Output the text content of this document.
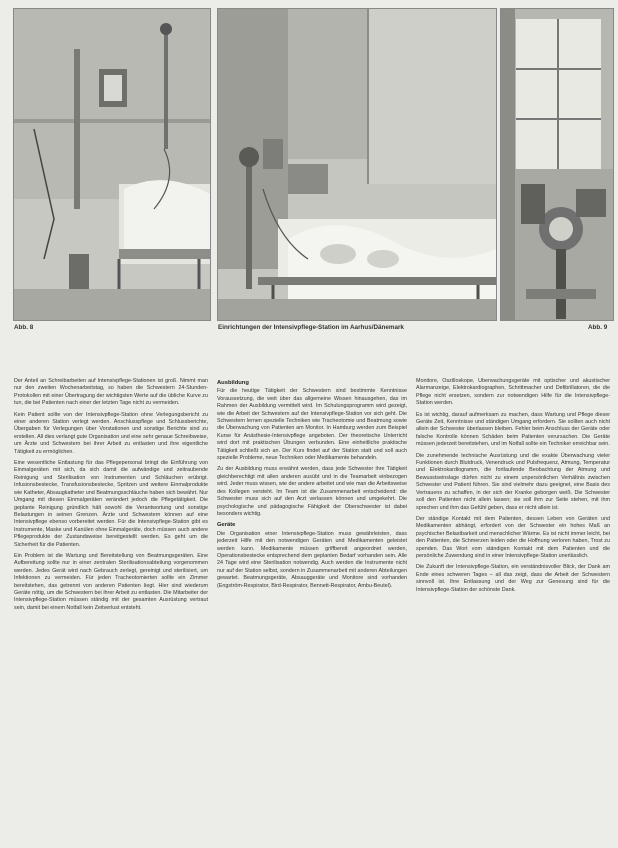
Abb. 8	Einrichtungen der Intensivpflege-Station im Aarhus/Dänemark	Abb. 9

Der Anteil an Schreibarbeiten auf Intensivpflege-Stationen ist groß. Nimmt man nur den zweiten Wochenarbeitstag, so haben die Schwestern 24-Stunden-Protokollen mit einer Übertragung der wichtigsten Werte auf die übliche Kurve zu tun, die bei Patienten nach einer der letzten Tage nicht zu vermeiden.

Kein Patient sollte von der Intensivpflege-Station ohne Verlegungsbericht zu einer anderen Station verlegt werden. Anschlusspflege und Schlussberichte, Übergaben für Verlegungen über Vorstationen und sonstige Berichte sind zu erstellen. All dies verlangt gute Organisation und eine sehr genaue Schreibweise, um Ärzte und Schwestern bei ihrer Arbeit zu entlasten und ihre eigentliche Tätigkeit zu ermöglichen.

Eine wesentliche Entlastung für das Pflegepersonal bringt die Einführung von Einmalgeräten mit sich, da sich damit die aufwändige und zeitraubende Reinigung und Sterilisation von Instrumenten und Schläuchen erübrigt. Infusionsbestecke, Transfusionsbestecke, Spritzen und weitere Einmalprodukte wie Katheter, Absaugkatheter und Beatmungsschläuche haben sich bewährt. Nur Umgang mit diesen Einmalgeräten verändert jedoch die Pflegetätigkeit. Die geplante Reinigung gründlich hält sowohl die Verantwortung und sonstige Belastungen in seinen Grenzen. Ärzte und Schwestern können auf eine Intensivpflege ebenso vorbereitet werden. Für die Intensivpflege-Station gibt es Instrumente, Maske und Kanülen ohne Einmalgeräte, doch müssen auch andere Pflegeprodukte der Zustandsweise bereitgestellt werden. Es geht um die Sicherheit für die Patienten.

Ein Problem ist die Wartung und Bereitstellung von Beatmungsgeräten. Eine Aufbereitung sollte nur in einer zentralen Sterilisationsabteilung vorgenommen werden. Jedes Gerät wird nach Gebrauch zerlegt, gereinigt und sterilisiert, um Infektionen zu vermeiden. Für jeden Tracheotomierten sollte ein Zimmer bereitstehen, das getrennt von anderen Patienten liegt. Hier sind wiederum Geräte nötig, um die Schwestern bei ihrer Arbeit zu entlasten. Die Mitarbeiter der Intensivpflege-Station müssen ständig mit der gesamten Ausrüstung vertraut sein, damit bei einem Notfall kein Zeitverlust entsteht.

Ausbildung

Für die heutige Tätigkeit der Schwestern sind bestimmte Kenntnisse Voraussetzung, die weit über das allgemeine Wissen hinausgehen, das im Rahmen der Ausbildung vermittelt wird. Im Schulungsprogramm wird gezeigt, wie die Arbeit der Schwestern auf der Intensivpflege-Station vor sich geht. Die Schwestern lernen spezielle Techniken wie Tracheotomie und Beatmung sowie die Überwachung von Patienten am Monitor. In Hamburg werden zum Beispiel Kurse für Anästhesie-Intensivpflege angeboten. Der theoretische Unterricht wird dort mit praktischen Übungen verbunden. Eine einheitliche praktische Tätigkeit schließt sich an. Der Kurs findet auf der Station statt und soll auch spezielle Probleme, neue Techniken oder Medikamente behandeln.

Zu der Ausbildung muss erwähnt werden, dass jede Schwester ihre Tätigkeit gleichberechtigt mit allen anderen ausübt und in die Teamarbeit einbezogen wird. Jeder muss wissen, wie der andere arbeitet und wie man die Arbeitsweise des Kollegen versteht. Im Team ist die Zusammenarbeit entscheidend: die Schwester muss sich auf den Arzt verlassen können und umgekehrt. Die psychologische und pädagogische Fähigkeit der Oberschwester ist dabei besonders wichtig.

Geräte

Die Organisation einer Intensivpflege-Station muss gewährleisten, dass jederzeit Hilfe mit den notwendigen Geräten und Medikamenten geleistet werden kann. Medikamente müssen griffbereit angeordnet werden, Operationsbestecke entsprechend dem geplanten Bedarf vorhanden sein. Alle 24 Tage wird eine Sterilisation notwendig. Auch werden die Instrumente nicht nur auf der Station selbst, sondern in Zusammenarbeit mit anderen Abteilungen gewartet. Beatmungsgeräte, Absauggeräte und Monitore sind vorhanden (Engström-Respirator, Bird-Respirator, Bennett-Respirator, Ambu-Beutel).

Monitore, Oszilloskope, Überwachungsgeräte mit optischer und akustischer Alarmanzeige, Elektrokardiographen, Schrittmacher und Defibrillatoren, die die Pflege nicht ersetzen, sondern zur notwendigen Hilfe für die Intensivpflege-Station werden.

Es ist wichtig, darauf aufmerksam zu machen, dass Wartung und Pflege dieser Geräte Zeit, Kenntnisse und ständigen Umgang erfordern. Sie sollten auch nicht allein der Schwester überlassen bleiben. Fehler beim Anschluss der Geräte oder falsche Kontrolle können Schäden beim Patienten verursachen. Die Geräte müssen jederzeit bereitstehen, und im Notfall sollte ein Techniker erreichbar sein.

Die zunehmende technische Ausrüstung und die exakte Überwachung vieler Funktionen durch Blutdruck, Venendruck und Pulsfrequenz, Atmung, Temperatur und Elektrokardiogramm, die fortlaufende Beobachtung der Atmung und Bewusstseinslage dürfen nicht zu einem unpersönlichen Verhältnis zwischen Schwester und Patient führen. Sie sind vielmehr dazu geeignet, eine Basis des Vertrauens zu schaffen, in der sich der Kranke geborgen weiß. Die Schwester soll den Patienten nicht allein lassen; sie soll ihm zur Seite stehen, mit ihm sprechen und ihm das Gefühl geben, dass er nicht allein ist.

Der ständige Kontakt mit dem Patienten, dessen Leben von Geräten und Medikamenten abhängt, erfordert von der Schwester ein hohes Maß an psychischer Belastbarkeit und menschlicher Wärme. Es ist nicht immer leicht, bei den Patienten, die Schmerzen leiden oder die Hoffnung verloren haben, Trost zu spenden. Das Wort vom ständigen Kontakt mit dem Patienten und die persönliche Zuwendung sind in einer Intensivpflege-Station unerlässlich.

Die Zukunft der Intensivpflege-Station, ein verständnisvoller Blick, der Dank am Ende eines schweren Tages – all das zeigt, dass die Arbeit der Schwestern sinnvoll ist. Ihre Entlassung und der Weg zur Genesung sind für die Intensivpflege-Station der schönste Dank.
